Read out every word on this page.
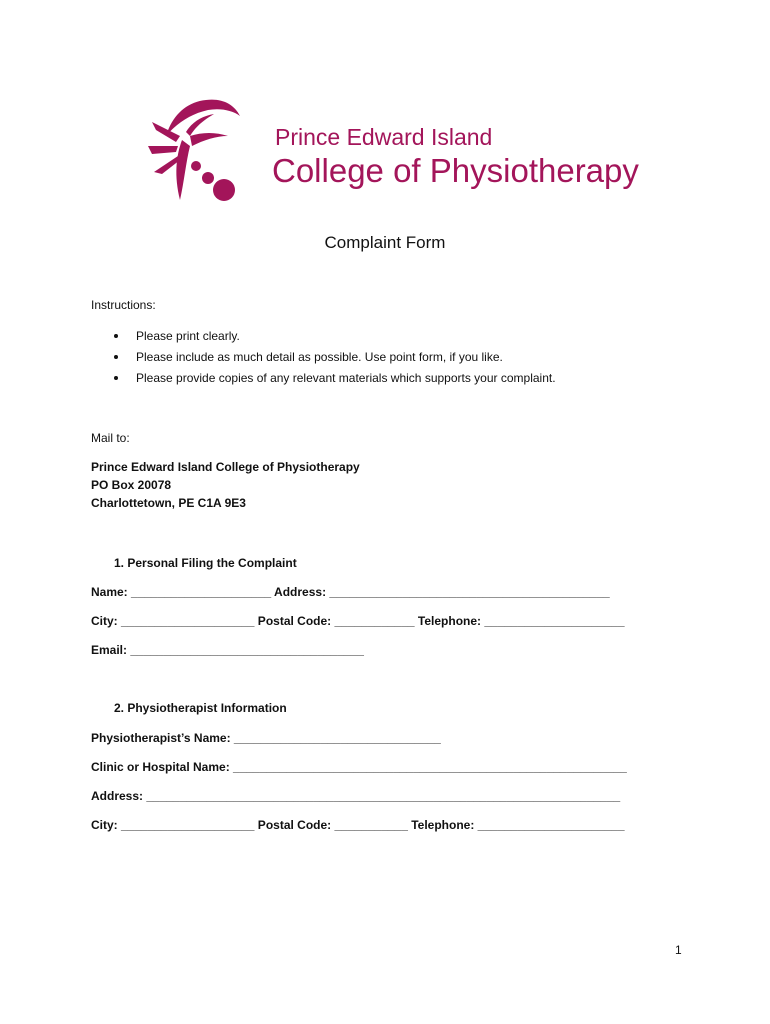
Prince Edward Island
College of Physiotherapy
Complaint Form
Instructions:
Please print clearly.
Please include as much detail as possible. Use point form, if you like.
Please provide copies of any relevant materials which supports your complaint.
Mail to:
Prince Edward Island College of Physiotherapy
PO Box 20078
Charlottetown, PE C1A 9E3
1. Personal Filing the Complaint
Name: _____________________ Address: __________________________________________
City: ____________________ Postal Code: ____________ Telephone: _____________________
Email: ___________________________________
2. Physiotherapist Information
Physiotherapist’s Name: _______________________________
Clinic or Hospital Name: ___________________________________________________________
Address: _______________________________________________________________________
City: ____________________ Postal Code: ___________ Telephone: ______________________
1
